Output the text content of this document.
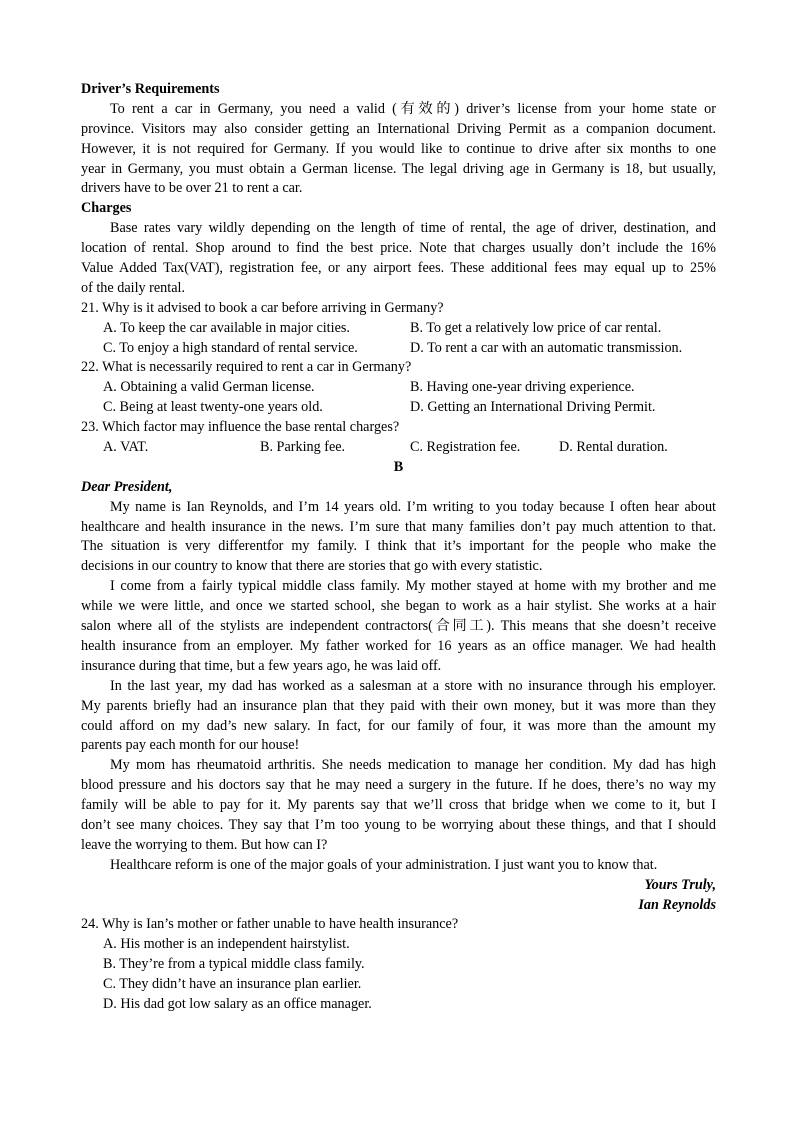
Driver’s Requirements
To rent a car in Germany, you need a valid (有效的) driver’s license from your home state or
province. Visitors may also consider getting an International Driving Permit as a companion document.
However, it is not required for Germany. If you would like to continue to drive after six months to one
year in Germany, you must obtain a German license. The legal driving age in Germany is 18, but usually,
drivers have to be over 21 to rent a car.
Charges
Base rates vary wildly depending on the length of time of rental, the age of driver, destination, and
location of rental. Shop around to find the best price. Note that charges usually don’t include the 16%
Value Added Tax(VAT), registration fee, or any airport fees. These additional fees may equal up to 25%
of the daily rental.
21. Why is it advised to book a car before arriving in Germany?
A. To keep the car available in major cities.	B. To get a relatively low price of car rental.
C. To enjoy a high standard of rental service.	D. To rent a car with an automatic transmission.
22. What is necessarily required to rent a car in Germany?
A. Obtaining a valid German license.	B. Having one-year driving experience.
C. Being at least twenty-one years old.	D. Getting an International Driving Permit.
23. Which factor may influence the base rental charges?
A. VAT.	B. Parking fee.	C. Registration fee.	D. Rental duration.
B
Dear President,
My name is Ian Reynolds, and I’m 14 years old. I’m writing to you today because I often hear about
healthcare and health insurance in the news. I’m sure that many families don’t pay much attention to that.
The situation is very differentfor my family. I think that it’s important for the people who make the
decisions in our country to know that there are stories that go with every statistic.
I come from a fairly typical middle class family. My mother stayed at home with my brother and me
while we were little, and once we started school, she began to work as a hair stylist. She works at a hair
salon where all of the stylists are independent contractors(合同工). This means that she doesn’t receive
health insurance from an employer. My father worked for 16 years as an office manager. We had health
insurance during that time, but a few years ago, he was laid off.
In the last year, my dad has worked as a salesman at a store with no insurance through his employer.
My parents briefly had an insurance plan that they paid with their own money, but it was more than they
could afford on my dad’s new salary. In fact, for our family of four, it was more than the amount my
parents pay each month for our house!
My mom has rheumatoid arthritis. She needs medication to manage her condition. My dad has high
blood pressure and his doctors say that he may need a surgery in the future. If he does, there’s no way my
family will be able to pay for it. My parents say that we’ll cross that bridge when we come to it, but I
don’t see many choices. They say that I’m too young to be worrying about these things, and that I should
leave the worrying to them. But how can I?
Healthcare reform is one of the major goals of your administration. I just want you to know that.
Yours Truly,
Ian Reynolds
24. Why is Ian’s mother or father unable to have health insurance?
A. His mother is an independent hairstylist.
B. They’re from a typical middle class family.
C. They didn’t have an insurance plan earlier.
D. His dad got low salary as an office manager.
